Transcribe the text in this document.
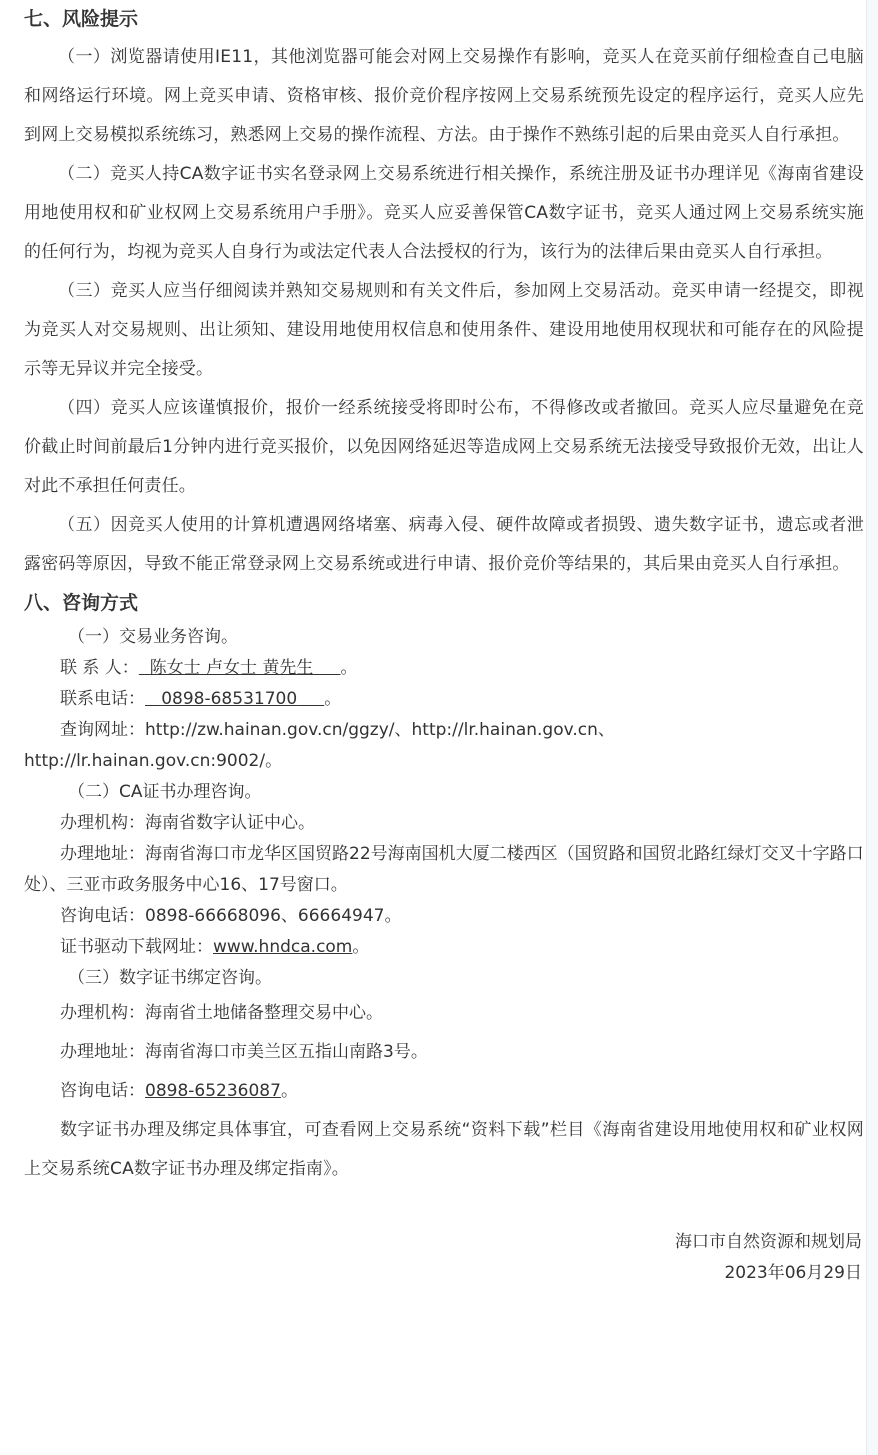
七、风险提示

（一）浏览器请使用IE11，其他浏览器可能会对网上交易操作有影响，竞买人在竞买前仔细检查自己电脑和网络运行环境。网上竞买申请、资格审核、报价竞价程序按网上交易系统预先设定的程序运行，竞买人应先到网上交易模拟系统练习，熟悉网上交易的操作流程、方法。由于操作不熟练引起的后果由竞买人自行承担。

（二）竞买人持CA数字证书实名登录网上交易系统进行相关操作，系统注册及证书办理详见《海南省建设用地使用权和矿业权网上交易系统用户手册》。竞买人应妥善保管CA数字证书，竞买人通过网上交易系统实施的任何行为，均视为竞买人自身行为或法定代表人合法授权的行为，该行为的法律后果由竞买人自行承担。

（三）竞买人应当仔细阅读并熟知交易规则和有关文件后，参加网上交易活动。竞买申请一经提交，即视为竞买人对交易规则、出让须知、建设用地使用权信息和使用条件、建设用地使用权现状和可能存在的风险提示等无异议并完全接受。

（四）竞买人应该谨慎报价，报价一经系统接受将即时公布，不得修改或者撤回。竞买人应尽量避免在竞价截止时间前最后1分钟内进行竞买报价，以免因网络延迟等造成网上交易系统无法接受导致报价无效，出让人对此不承担任何责任。

（五）因竞买人使用的计算机遭遇网络堵塞、病毒入侵、硬件故障或者损毁、遗失数字证书，遗忘或者泄露密码等原因，导致不能正常登录网上交易系统或进行申请、报价竞价等结果的，其后果由竞买人自行承担。

八、咨询方式

（一）交易业务咨询。

联 系 人： 陈女士 卢女士 黄先生 。

联系电话： 0898-68531700 。

查询网址：http://zw.hainan.gov.cn/ggzy/、http://lr.hainan.gov.cn、

http://lr.hainan.gov.cn:9002/。

（二）CA证书办理咨询。

办理机构：海南省数字认证中心。

办理地址：海南省海口市龙华区国贸路22号海南国机大厦二楼西区（国贸路和国贸北路红绿灯交叉十字路口处）、三亚市政务服务中心16、17号窗口。

咨询电话：0898-66668096、66664947。

证书驱动下载网址：www.hndca.com。

（三）数字证书绑定咨询。

办理机构：海南省土地储备整理交易中心。

办理地址：海南省海口市美兰区五指山南路3号。

咨询电话：0898-65236087。

数字证书办理及绑定具体事宜，可查看网上交易系统“资料下载”栏目《海南省建设用地使用权和矿业权网上交易系统CA数字证书办理及绑定指南》。

海口市自然资源和规划局

2023年06月29日
